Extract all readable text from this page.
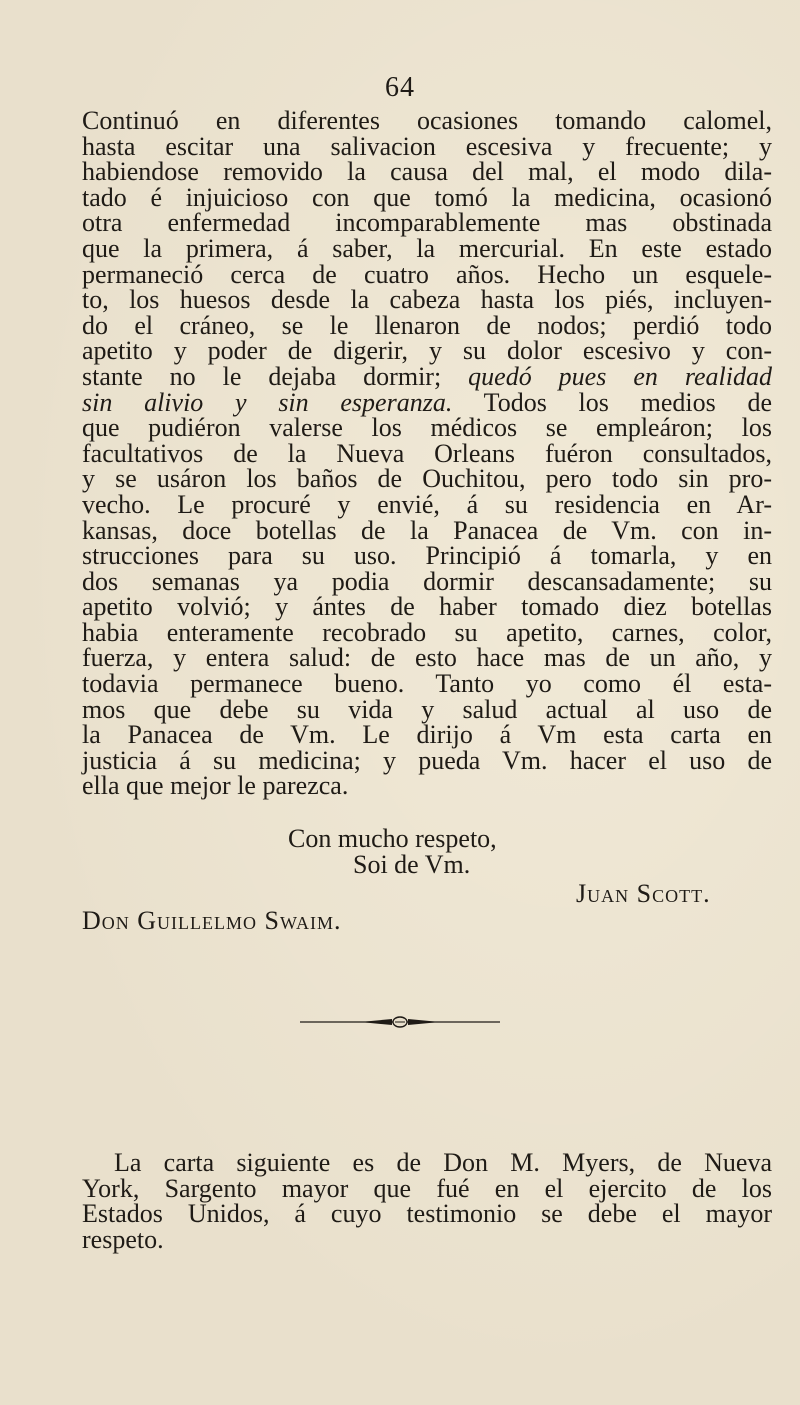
64
Continuó en diferentes ocasiones tomando calomel,
hasta escitar una salivacion escesiva y frecuente; y
habiendose removido la causa del mal, el modo dila-
tado é injuicioso con que tomó la medicina, ocasionó
otra enfermedad incomparablemente mas obstinada
que la primera, á saber, la mercurial. En este estado
permaneció cerca de cuatro años. Hecho un esquele-
to, los huesos desde la cabeza hasta los piés, incluyen-
do el cráneo, se le llenaron de nodos; perdió todo
apetito y poder de digerir, y su dolor escesivo y con-
stante no le dejaba dormir; quedó pues en realidad
sin alivio y sin esperanza. Todos los medios de
que pudiéron valerse los médicos se empleáron; los
facultativos de la Nueva Orleans fuéron consultados,
y se usáron los baños de Ouchitou, pero todo sin pro-
vecho. Le procuré y envié, á su residencia en Ar-
kansas, doce botellas de la Panacea de Vm. con in-
strucciones para su uso. Principió á tomarla, y en
dos semanas ya podia dormir descansadamente; su
apetito volvió; y ántes de haber tomado diez botellas
habia enteramente recobrado su apetito, carnes, color,
fuerza, y entera salud: de esto hace mas de un año, y
todavia permanece bueno. Tanto yo como él esta-
mos que debe su vida y salud actual al uso de
la Panacea de Vm. Le dirijo á Vm esta carta en
justicia á su medicina; y pueda Vm. hacer el uso de
ella que mejor le parezca.
Con mucho respeto,
Soi de Vm.
Juan Scott.
Don Guillelmo Swaim.
La carta siguiente es de Don M. Myers, de Nueva
York, Sargento mayor que fué en el ejercito de los
Estados Unidos, á cuyo testimonio se debe el mayor
respeto.
